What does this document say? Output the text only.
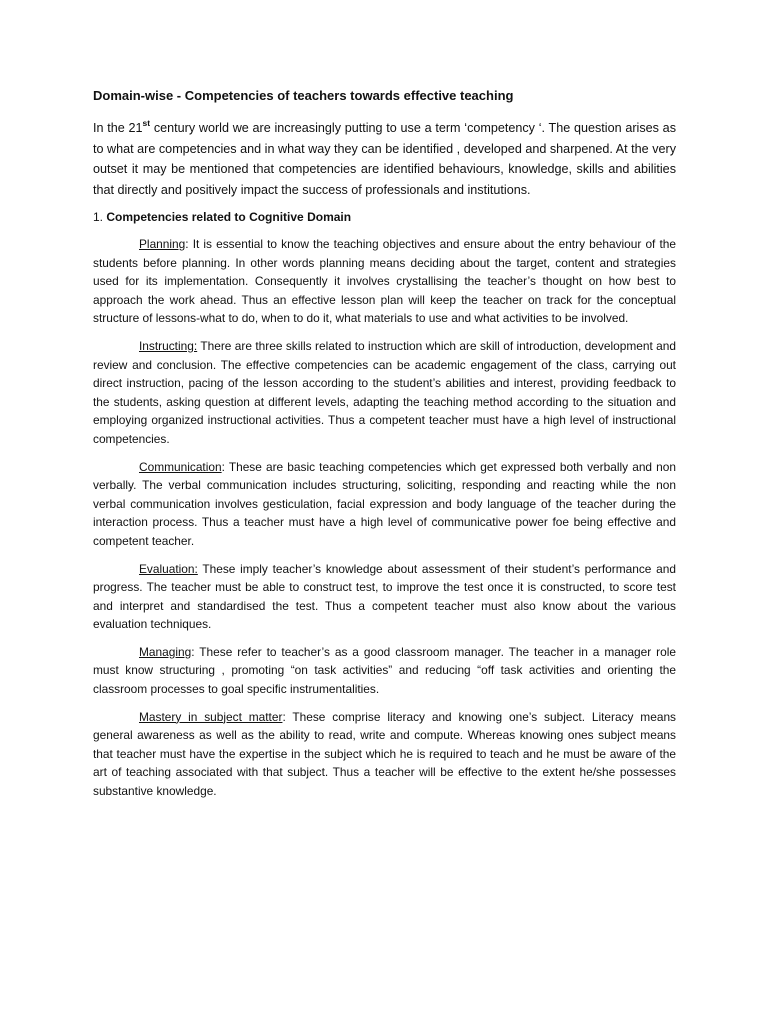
Domain-wise - Competencies of teachers towards effective teaching

In the 21st century world we are increasingly putting to use a term ‘competency ‘. The question arises as to what are competencies and in what way they can be identified , developed and sharpened. At the very outset it may be mentioned that competencies are identified behaviours, knowledge, skills and abilities that directly and positively impact the success of professionals and institutions.

1. Competencies related to Cognitive Domain

Planning: It is essential to know the teaching objectives and ensure about the entry behaviour of the students before planning. In other words planning means deciding about the target, content and strategies used for its implementation. Consequently it involves crystallising the teacher’s thought on how best to approach the work ahead. Thus an effective lesson plan will keep the teacher on track for the conceptual structure of lessons-what to do, when to do it, what materials to use and what activities to be involved.

Instructing: There are three skills related to instruction which are skill of introduction, development and review and conclusion. The effective competencies can be academic engagement of the class, carrying out direct instruction, pacing of the lesson according to the student’s abilities and interest, providing feedback to the students, asking question at different levels, adapting the teaching method according to the situation and employing organized instructional activities. Thus a competent teacher must have a high level of instructional competencies.

Communication: These are basic teaching competencies which get expressed both verbally and non verbally. The verbal communication includes structuring, soliciting, responding and reacting while the non verbal communication involves gesticulation, facial expression and body language of the teacher during the interaction process. Thus a teacher must have a high level of communicative power foe being effective and competent teacher.

Evaluation: These imply teacher’s knowledge about assessment of their student’s performance and progress. The teacher must be able to construct test, to improve the test once it is constructed, to score test and interpret and standardised the test. Thus a competent teacher must also know about the various evaluation techniques.

Managing: These refer to teacher’s as a good classroom manager. The teacher in a manager role must know structuring , promoting “on task activities” and reducing “off task activities and orienting the classroom processes to goal specific instrumentalities.

Mastery in subject matter: These comprise literacy and knowing one’s subject. Literacy means general awareness as well as the ability to read, write and compute. Whereas knowing ones subject means that teacher must have the expertise in the subject which he is required to teach and he must be aware of the art of teaching associated with that subject. Thus a teacher will be effective to the extent he/she possesses substantive knowledge.
